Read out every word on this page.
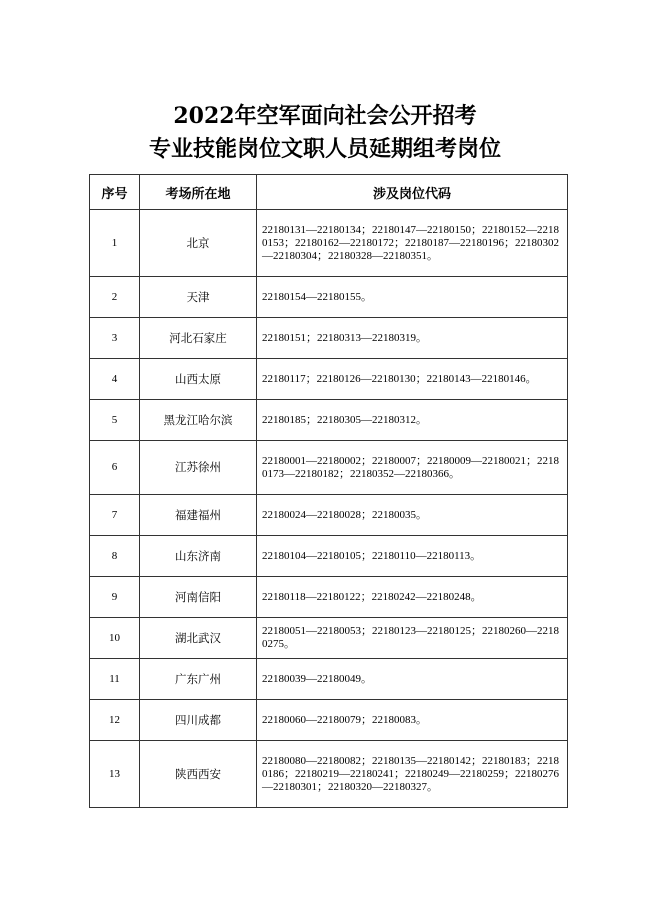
2022年空军面向社会公开招考
专业技能岗位文职人员延期组考岗位
序号	考场所在地	涉及岗位代码
1	北京	22180131—22180134；22180147—22180150；22180152—22180153；22180162—22180172；22180187—22180196；22180302—22180304；22180328—22180351。
2	天津	22180154—22180155。
3	河北石家庄	22180151；22180313—22180319。
4	山西太原	22180117；22180126—22180130；22180143—22180146。
5	黑龙江哈尔滨	22180185；22180305—22180312。
6	江苏徐州	22180001—22180002；22180007；22180009—22180021；22180173—22180182；22180352—22180366。
7	福建福州	22180024—22180028；22180035。
8	山东济南	22180104—22180105；22180110—22180113。
9	河南信阳	22180118—22180122；22180242—22180248。
10	湖北武汉	22180051—22180053；22180123—22180125；22180260—22180275。
11	广东广州	22180039—22180049。
12	四川成都	22180060—22180079；22180083。
13	陕西西安	22180080—22180082；22180135—22180142；22180183；22180186；22180219—22180241；22180249—22180259；22180276—22180301；22180320—22180327。
